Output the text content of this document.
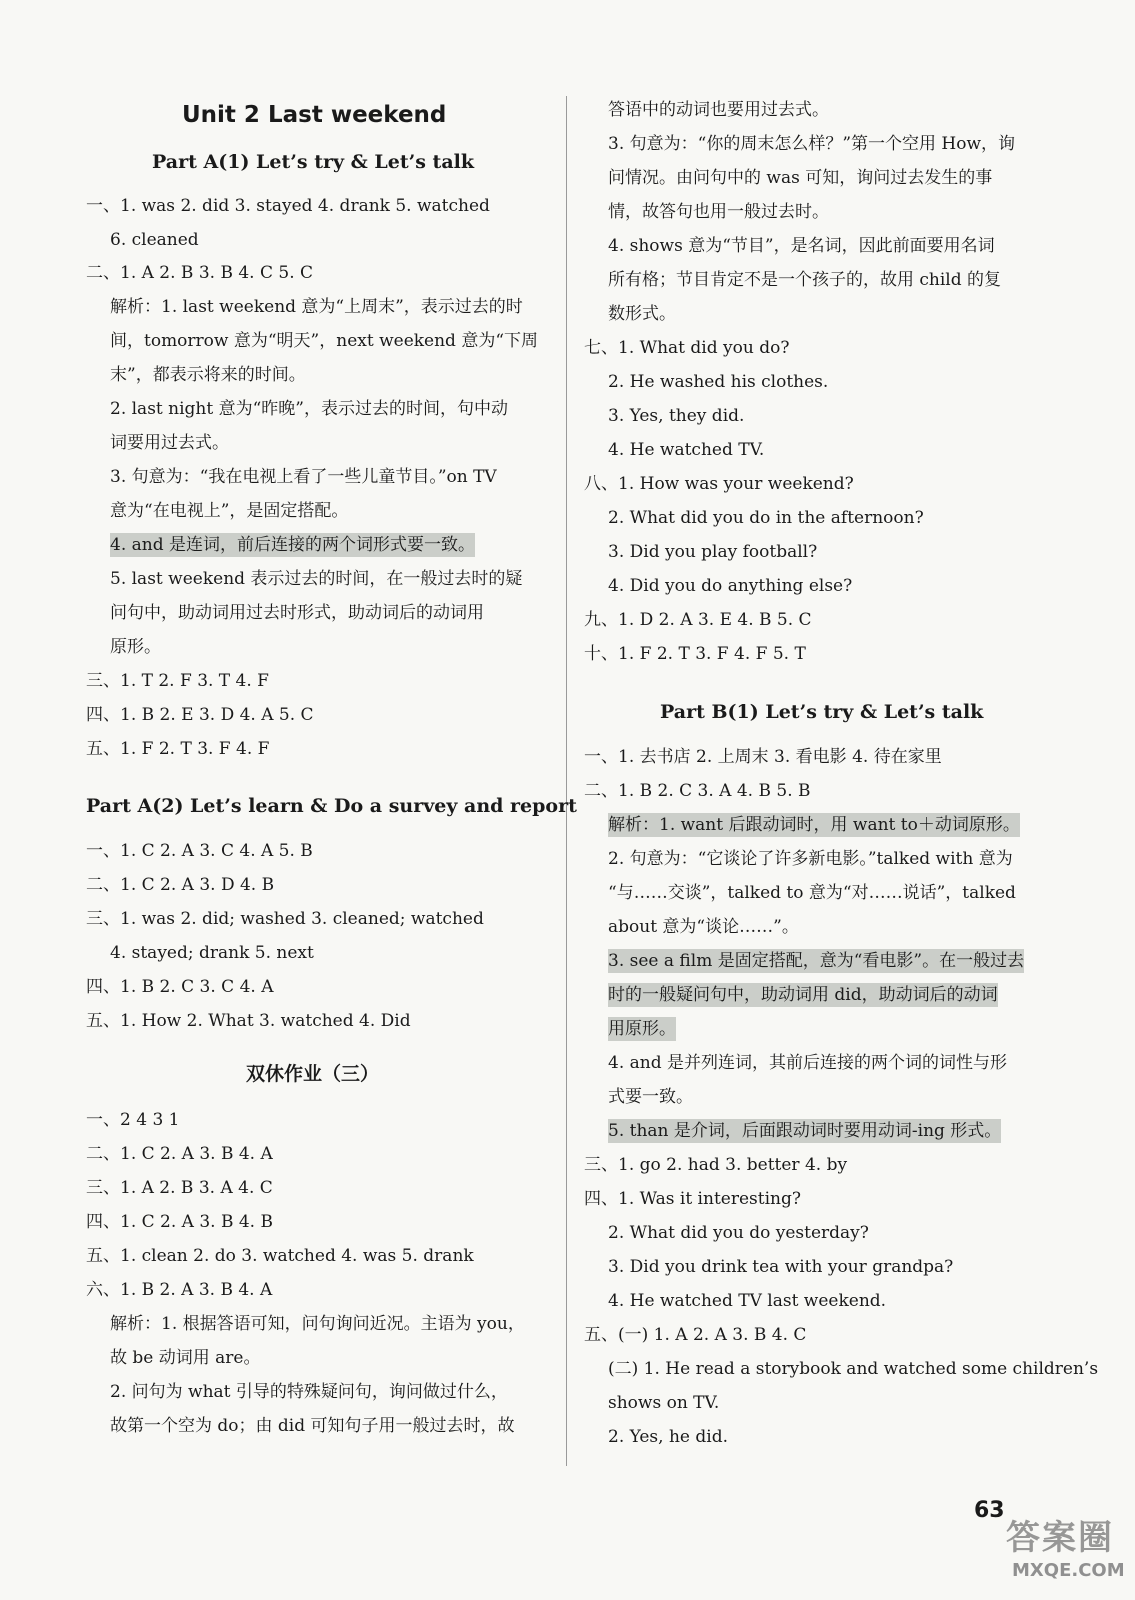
Unit 2 Last weekend
Part A(1) Let’s try & Let’s talk
一、1. was 2. did 3. stayed 4. drank 5. watched
6. cleaned
二、1. A 2. B 3. B 4. C 5. C
解析：1. last weekend 意为“上周末”，表示过去的时
间，tomorrow 意为“明天”，next weekend 意为“下周
末”，都表示将来的时间。
2. last night 意为“昨晚”，表示过去的时间，句中动
词要用过去式。
3. 句意为：“我在电视上看了一些儿童节目。”on TV
意为“在电视上”，是固定搭配。
4. and 是连词，前后连接的两个词形式要一致。
5. last weekend 表示过去的时间，在一般过去时的疑
问句中，助动词用过去时形式，助动词后的动词用
原形。
三、1. T 2. F 3. T 4. F
四、1. B 2. E 3. D 4. A 5. C
五、1. F 2. T 3. F 4. F
Part A(2) Let’s learn & Do a survey and report
一、1. C 2. A 3. C 4. A 5. B
二、1. C 2. A 3. D 4. B
三、1. was 2. did; washed 3. cleaned; watched
4. stayed; drank 5. next
四、1. B 2. C 3. C 4. A
五、1. How 2. What 3. watched 4. Did
双休作业（三）
一、2 4 3 1
二、1. C 2. A 3. B 4. A
三、1. A 2. B 3. A 4. C
四、1. C 2. A 3. B 4. B
五、1. clean 2. do 3. watched 4. was 5. drank
六、1. B 2. A 3. B 4. A
解析：1. 根据答语可知，问句询问近况。主语为 you，
故 be 动词用 are。
2. 问句为 what 引导的特殊疑问句，询问做过什么，
故第一个空为 do；由 did 可知句子用一般过去时，故
答语中的动词也要用过去式。
3. 句意为：“你的周末怎么样？”第一个空用 How，询
问情况。由问句中的 was 可知，询问过去发生的事
情，故答句也用一般过去时。
4. shows 意为“节目”，是名词，因此前面要用名词
所有格；节目肯定不是一个孩子的，故用 child 的复
数形式。
七、1. What did you do?
2. He washed his clothes.
3. Yes, they did.
4. He watched TV.
八、1. How was your weekend?
2. What did you do in the afternoon?
3. Did you play football?
4. Did you do anything else?
九、1. D 2. A 3. E 4. B 5. C
十、1. F 2. T 3. F 4. F 5. T
Part B(1) Let’s try & Let’s talk
一、1. 去书店 2. 上周末 3. 看电影 4. 待在家里
二、1. B 2. C 3. A 4. B 5. B
解析：1. want 后跟动词时，用 want to＋动词原形。
2. 句意为：“它谈论了许多新电影。”talked with 意为
“与……交谈”，talked to 意为“对……说话”，talked
about 意为“谈论……”。
3. see a film 是固定搭配，意为“看电影”。在一般过去
时的一般疑问句中，助动词用 did，助动词后的动词
用原形。
4. and 是并列连词，其前后连接的两个词的词性与形
式要一致。
5. than 是介词，后面跟动词时要用动词-ing 形式。
三、1. go 2. had 3. better 4. by
四、1. Was it interesting?
2. What did you do yesterday?
3. Did you drink tea with your grandpa?
4. He watched TV last weekend.
五、(一) 1. A 2. A 3. B 4. C
(二) 1. He read a storybook and watched some children’s
shows on TV.
2. Yes, he did.
63
答案圈
MXQE.COM
